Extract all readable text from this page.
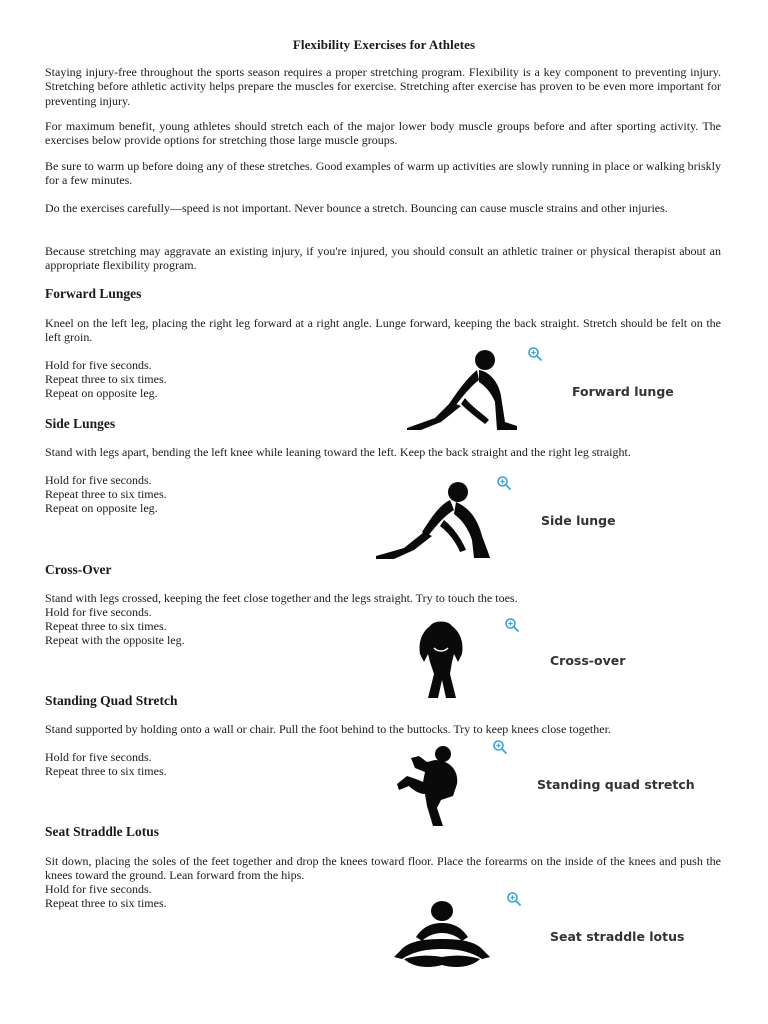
Flexibility Exercises for Athletes

Staying injury-free throughout the sports season requires a proper stretching program. Flexibility is a key component to preventing injury. Stretching before athletic activity helps prepare the muscles for exercise. Stretching after exercise has proven to be even more important for preventing injury.

For maximum benefit, young athletes should stretch each of the major lower body muscle groups before and after sporting activity. The exercises below provide options for stretching those large muscle groups.

Be sure to warm up before doing any of these stretches. Good examples of warm up activities are slowly running in place or walking briskly for a few minutes.

Do the exercises carefully—speed is not important. Never bounce a stretch. Bouncing can cause muscle strains and other injuries.

Because stretching may aggravate an existing injury, if you're injured, you should consult an athletic trainer or physical therapist about an appropriate flexibility program.

Forward Lunges

Kneel on the left leg, placing the right leg forward at a right angle. Lunge forward, keeping the back straight. Stretch should be felt on the left groin.

Hold for five seconds.
Repeat three to six times.
Repeat on opposite leg.	Forward lunge
Side Lunges

Stand with legs apart, bending the left knee while leaning toward the left. Keep the back straight and the right leg straight.

Hold for five seconds.
Repeat three to six times.
Repeat on opposite leg.
Side lunge
Cross-Over
Stand with legs crossed, keeping the feet close together and the legs straight. Try to touch the toes.
Hold for five seconds.
Repeat three to six times.
Repeat with the opposite leg.
Cross-over
Standing Quad Stretch

Stand supported by holding onto a wall or chair. Pull the foot behind to the buttocks. Try to keep knees close together.

Hold for five seconds.
Repeat three to six times.
Standing quad stretch
Seat Straddle Lotus

Sit down, placing the soles of the feet together and drop the knees toward floor. Place the forearms on the inside of the knees and push the knees toward the ground. Lean forward from the hips.

Hold for five seconds.
Repeat three to six times.
Seat straddle lotus
